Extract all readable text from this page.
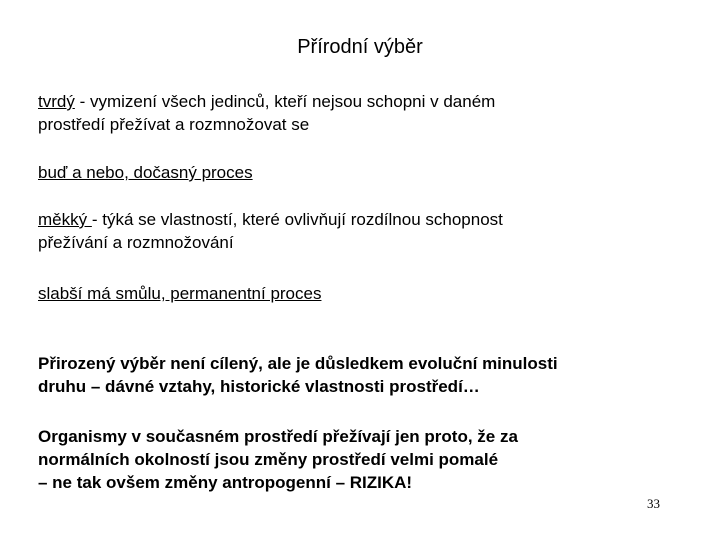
Přírodní výběr
tvrdý - vymizení všech jedinců, kteří nejsou schopni v daném
prostředí přežívat a rozmnožovat se
buď a nebo, dočasný proces
měkký - týká se vlastností, které ovlivňují rozdílnou schopnost
přežívání a rozmnožování
slabší má smůlu, permanentní proces
Přirozený výběr není cílený, ale je důsledkem evoluční minulosti
druhu – dávné vztahy, historické vlastnosti prostředí…
Organismy v současném prostředí přežívají jen proto, že za
normálních okolností jsou změny prostředí velmi pomalé
– ne tak ovšem změny antropogenní – RIZIKA!
33
